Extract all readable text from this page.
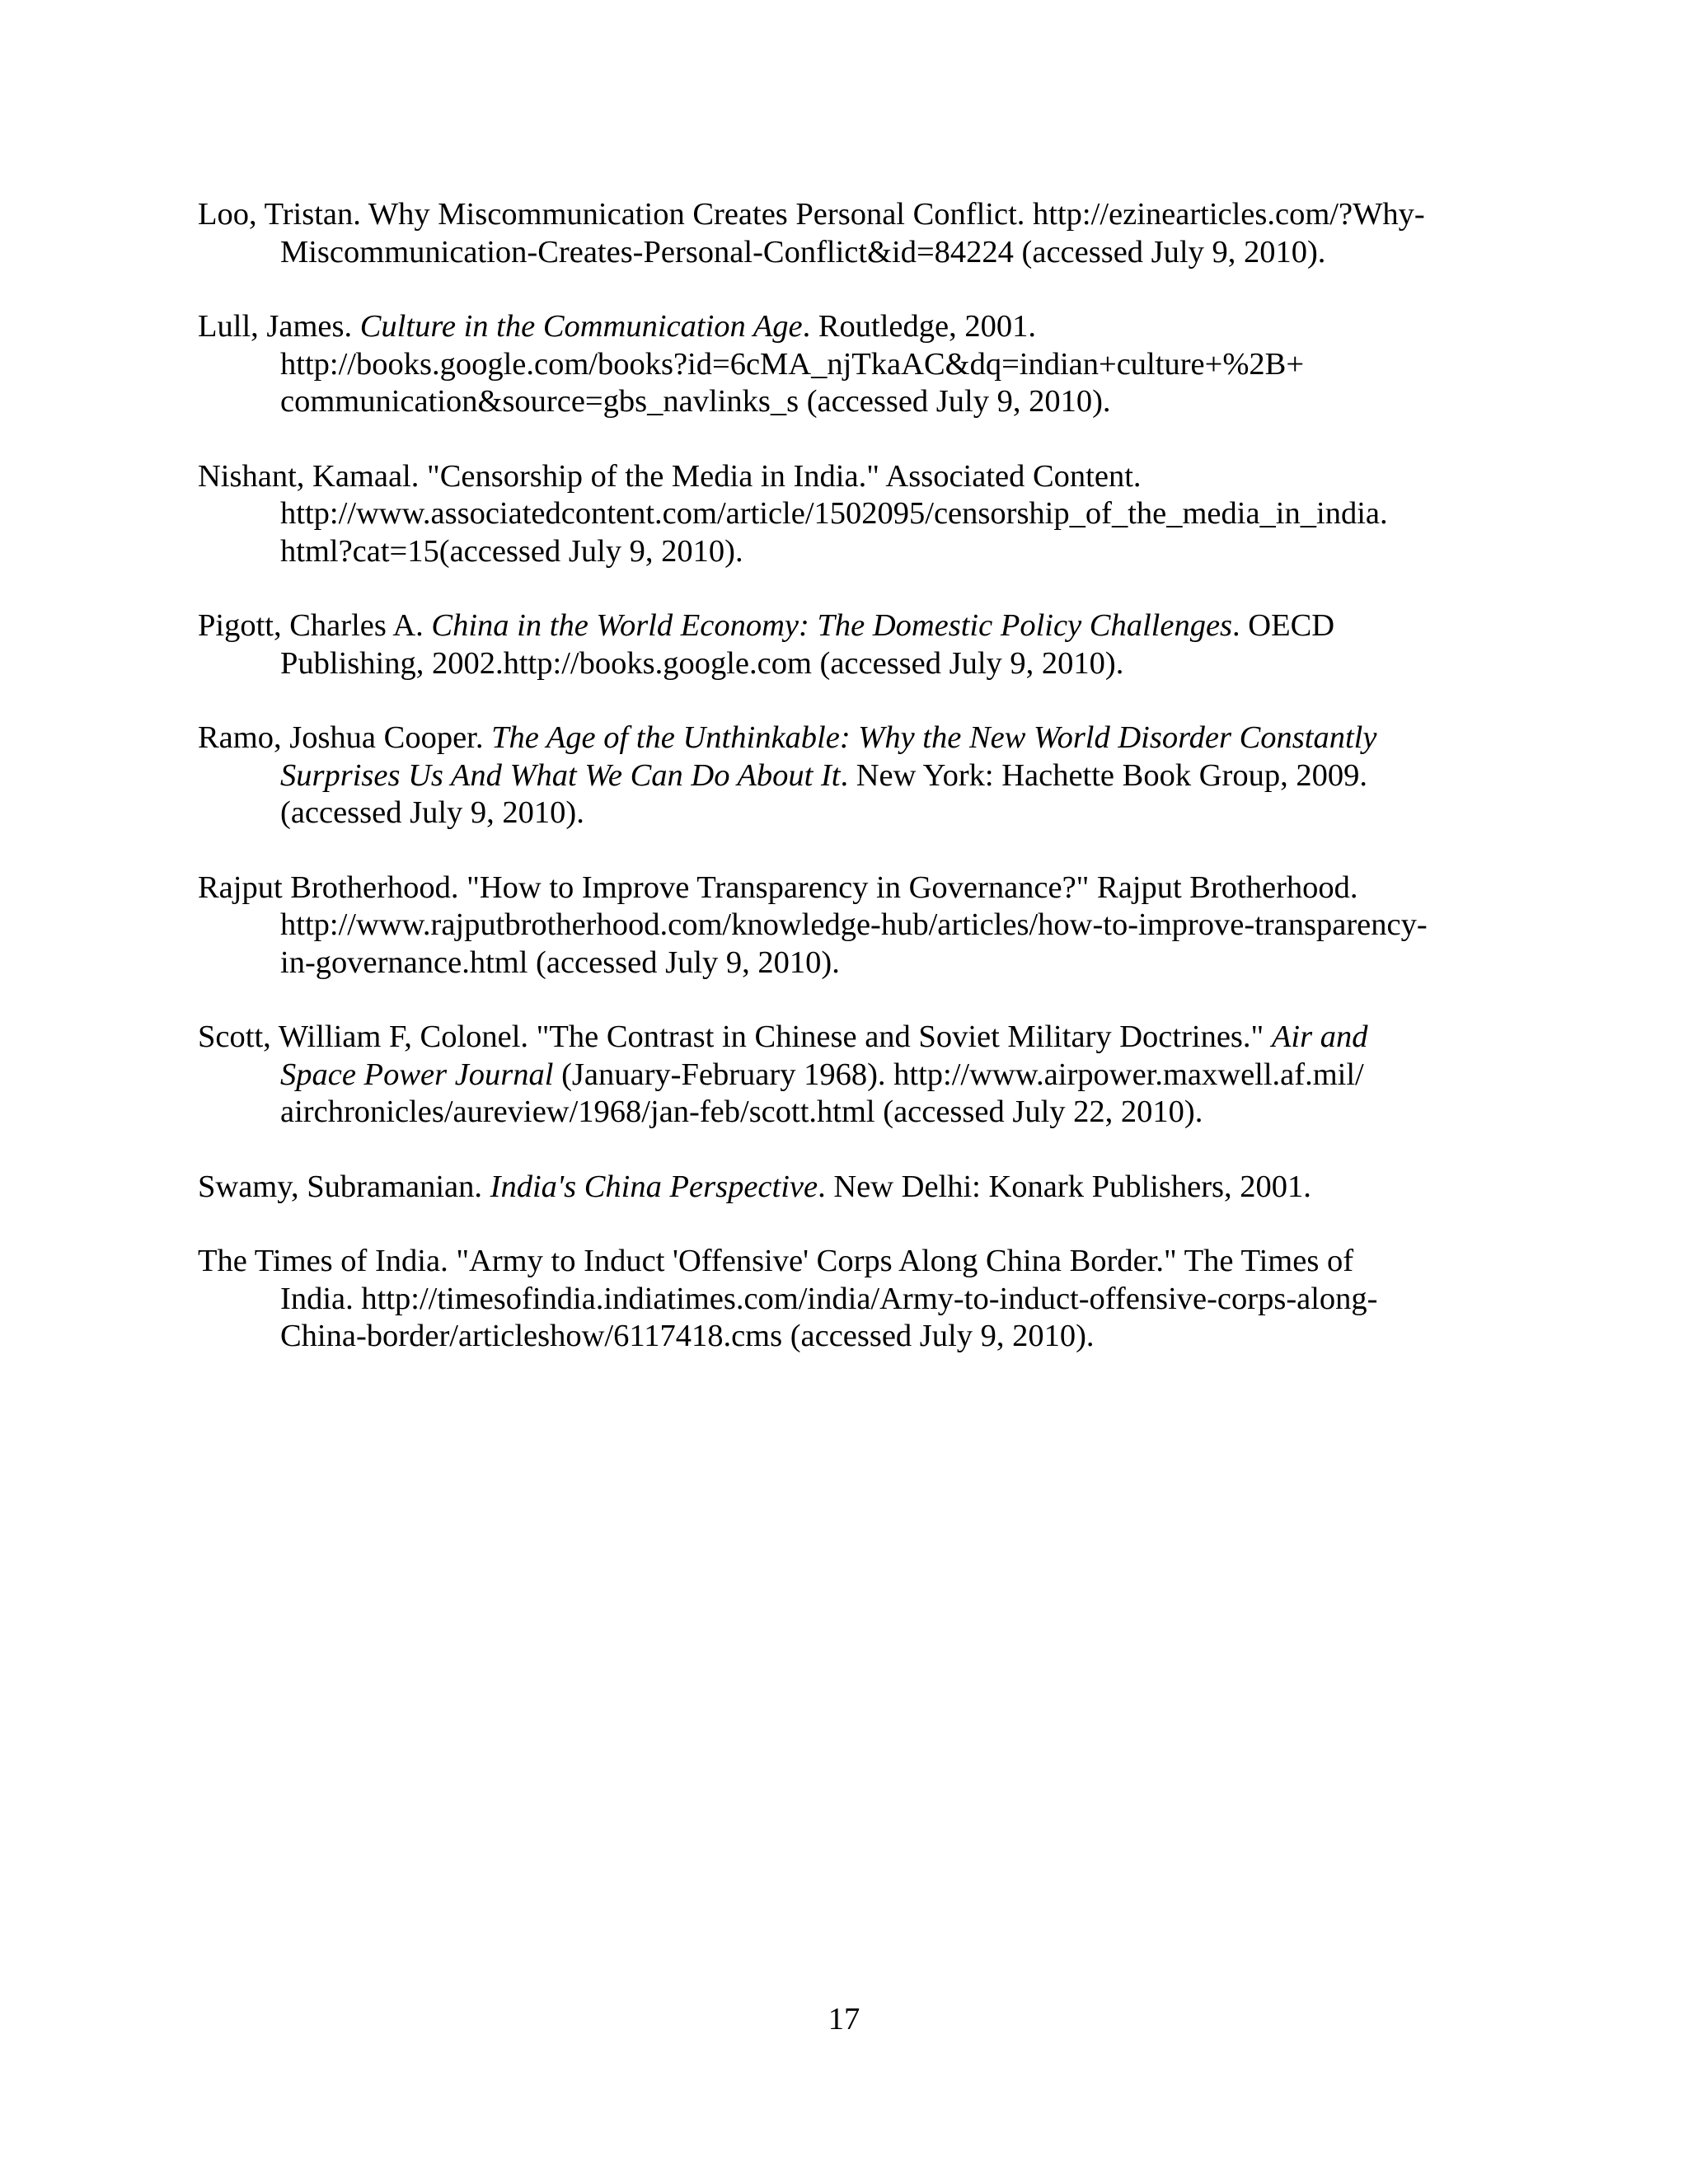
Loo, Tristan. Why Miscommunication Creates Personal Conflict. http://ezinearticles.com/?Why-
Miscommunication-Creates-Personal-Conflict&id=84224 (accessed July 9, 2010).
Lull, James. Culture in the Communication Age. Routledge, 2001.
http://books.google.com/books?id=6cMA_njTkaAC&dq=indian+culture+%2B+
communication&source=gbs_navlinks_s (accessed July 9, 2010).
Nishant, Kamaal. "Censorship of the Media in India." Associated Content.
http://www.associatedcontent.com/article/1502095/censorship_of_the_media_in_india.
html?cat=15(accessed July 9, 2010).
Pigott, Charles A. China in the World Economy: The Domestic Policy Challenges. OECD
Publishing, 2002.http://books.google.com (accessed July 9, 2010).
Ramo, Joshua Cooper. The Age of the Unthinkable: Why the New World Disorder Constantly
Surprises Us And What We Can Do About It. New York: Hachette Book Group, 2009.
(accessed July 9, 2010).
Rajput Brotherhood. "How to Improve Transparency in Governance?" Rajput Brotherhood.
http://www.rajputbrotherhood.com/knowledge-hub/articles/how-to-improve-transparency-
in-governance.html (accessed July 9, 2010).
Scott, William F, Colonel. "The Contrast in Chinese and Soviet Military Doctrines." Air and
Space Power Journal (January-February 1968). http://www.airpower.maxwell.af.mil/
airchronicles/aureview/1968/jan-feb/scott.html (accessed July 22, 2010).
Swamy, Subramanian. India's China Perspective. New Delhi: Konark Publishers, 2001.
The Times of India. "Army to Induct 'Offensive' Corps Along China Border." The Times of
India. http://timesofindia.indiatimes.com/india/Army-to-induct-offensive-corps-along-
China-border/articleshow/6117418.cms (accessed July 9, 2010).
17
